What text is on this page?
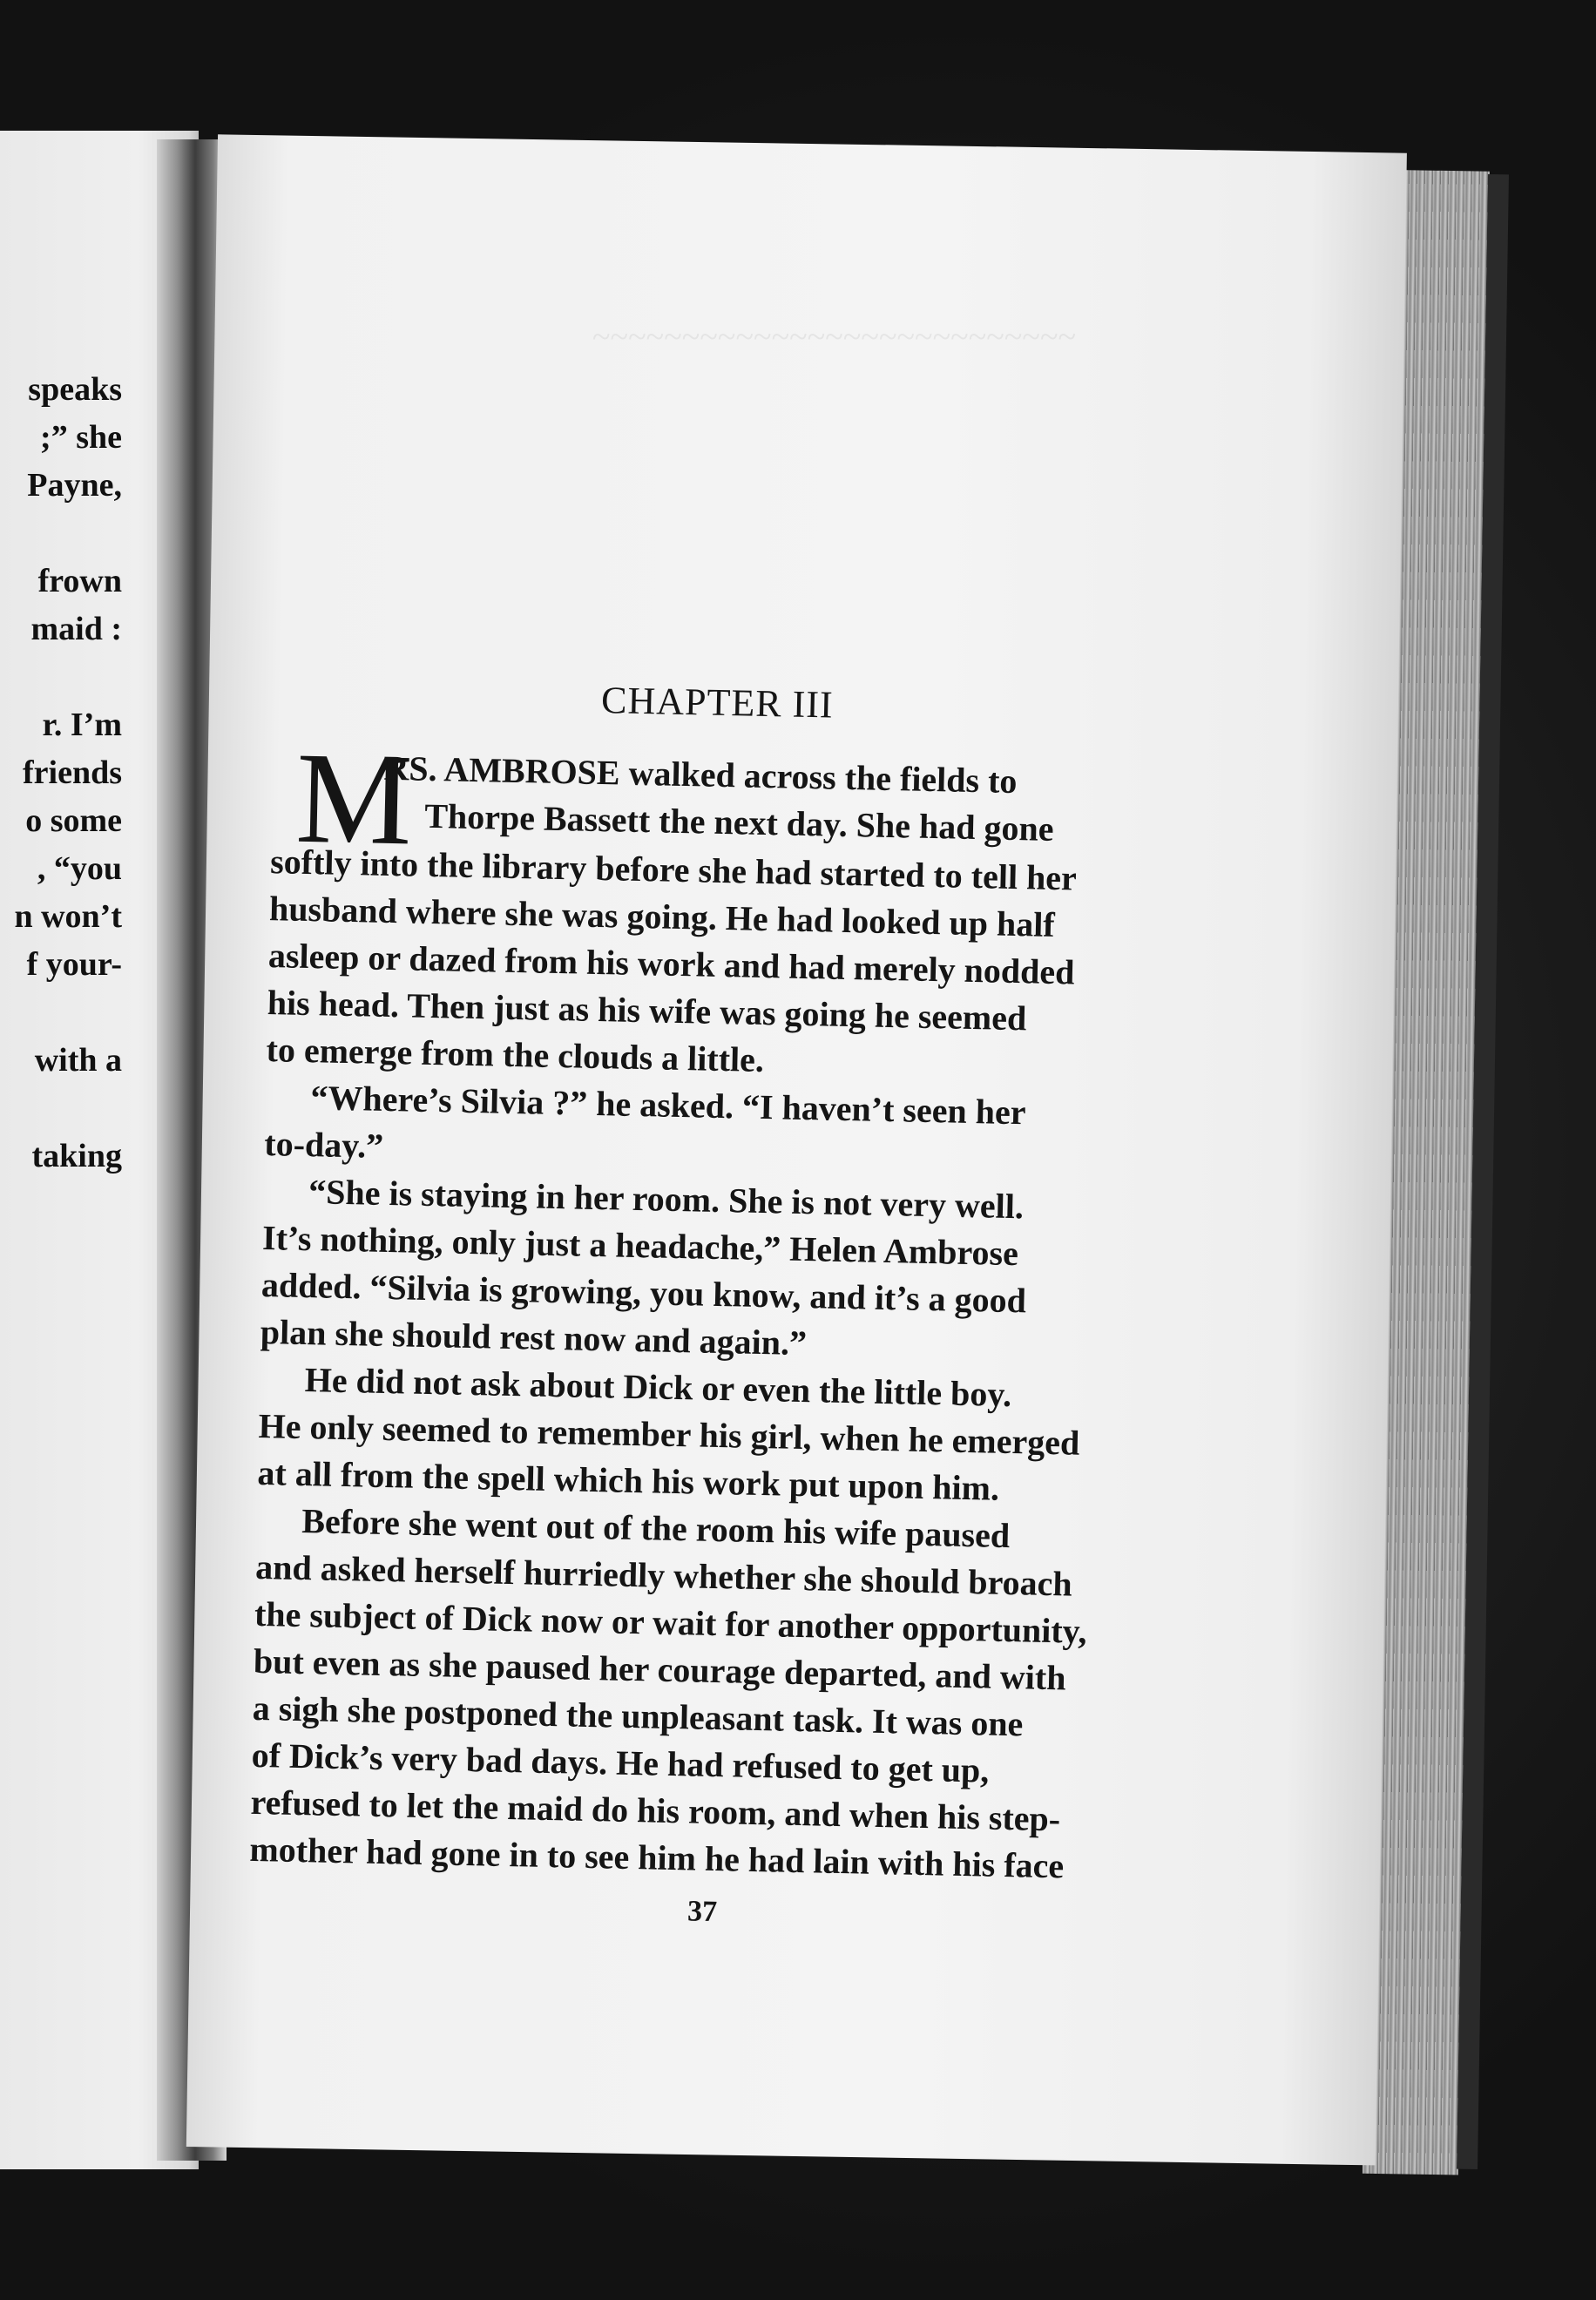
speaks
;” she
Payne,
frown
maid :
r. I’m
friends
o some
, “you
n won’t
f your-
with a
taking
~~~~~~~~~~~~~~~~~~~~~~~~~~~
CHAPTER III
M
RS. AMBROSE walked across the fields to
Thorpe Bassett the next day. She had gone
softly into the library before she had started to tell her
husband where she was going. He had looked up half
asleep or dazed from his work and had merely nodded
his head. Then just as his wife was going he seemed
to emerge from the clouds a little.
“Where’s Silvia ?” he asked. “I haven’t seen her
to-day.”
“She is staying in her room. She is not very well.
It’s nothing, only just a headache,” Helen Ambrose
added. “Silvia is growing, you know, and it’s a good
plan she should rest now and again.”
He did not ask about Dick or even the little boy.
He only seemed to remember his girl, when he emerged
at all from the spell which his work put upon him.
Before she went out of the room his wife paused
and asked herself hurriedly whether she should broach
the subject of Dick now or wait for another opportunity,
but even as she paused her courage departed, and with
a sigh she postponed the unpleasant task. It was one
of Dick’s very bad days. He had refused to get up,
refused to let the maid do his room, and when his step-
mother had gone in to see him he had lain with his face
37
